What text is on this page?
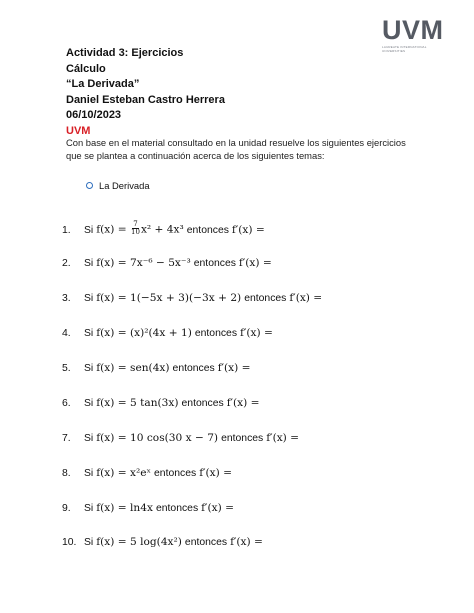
UVM
LAUREATE INTERNATIONAL UNIVERSITIES
Actividad 3: Ejercicios
Cálculo
“La Derivada”
Daniel Esteban Castro Herrera
06/10/2023
UVM
Con base en el material consultado en la unidad resuelve los siguientes ejercicios que se plantea a continuación acerca de los siguientes temas:
La Derivada
1.	Si $f(x) = \frac{7}{10} x^2 + 4x^3$ entonces f′(x) =
2.	Si f(x) = 7x⁻⁶ − 5x⁻³ entonces f′(x) =
3.	Si f(x) = 1(−5x + 3)(−3x + 2) entonces f′(x) =
4.	Si f(x) = (x)²(4x + 1) entonces f′(x) =
5.	Si f(x) = sen(4x) entonces f′(x) =
6.	Si f(x) = 5 tan(3x) entonces f′(x) =
7.	Si f(x) = 10 cos(30 x − 7) entonces f′(x) =
8.	Si f(x) = x²eˣ entonces f′(x) =
9.	Si f(x) = ln4x entonces f′(x) =
10. Si f(x) = 5 log(4x²) entonces f′(x) =
